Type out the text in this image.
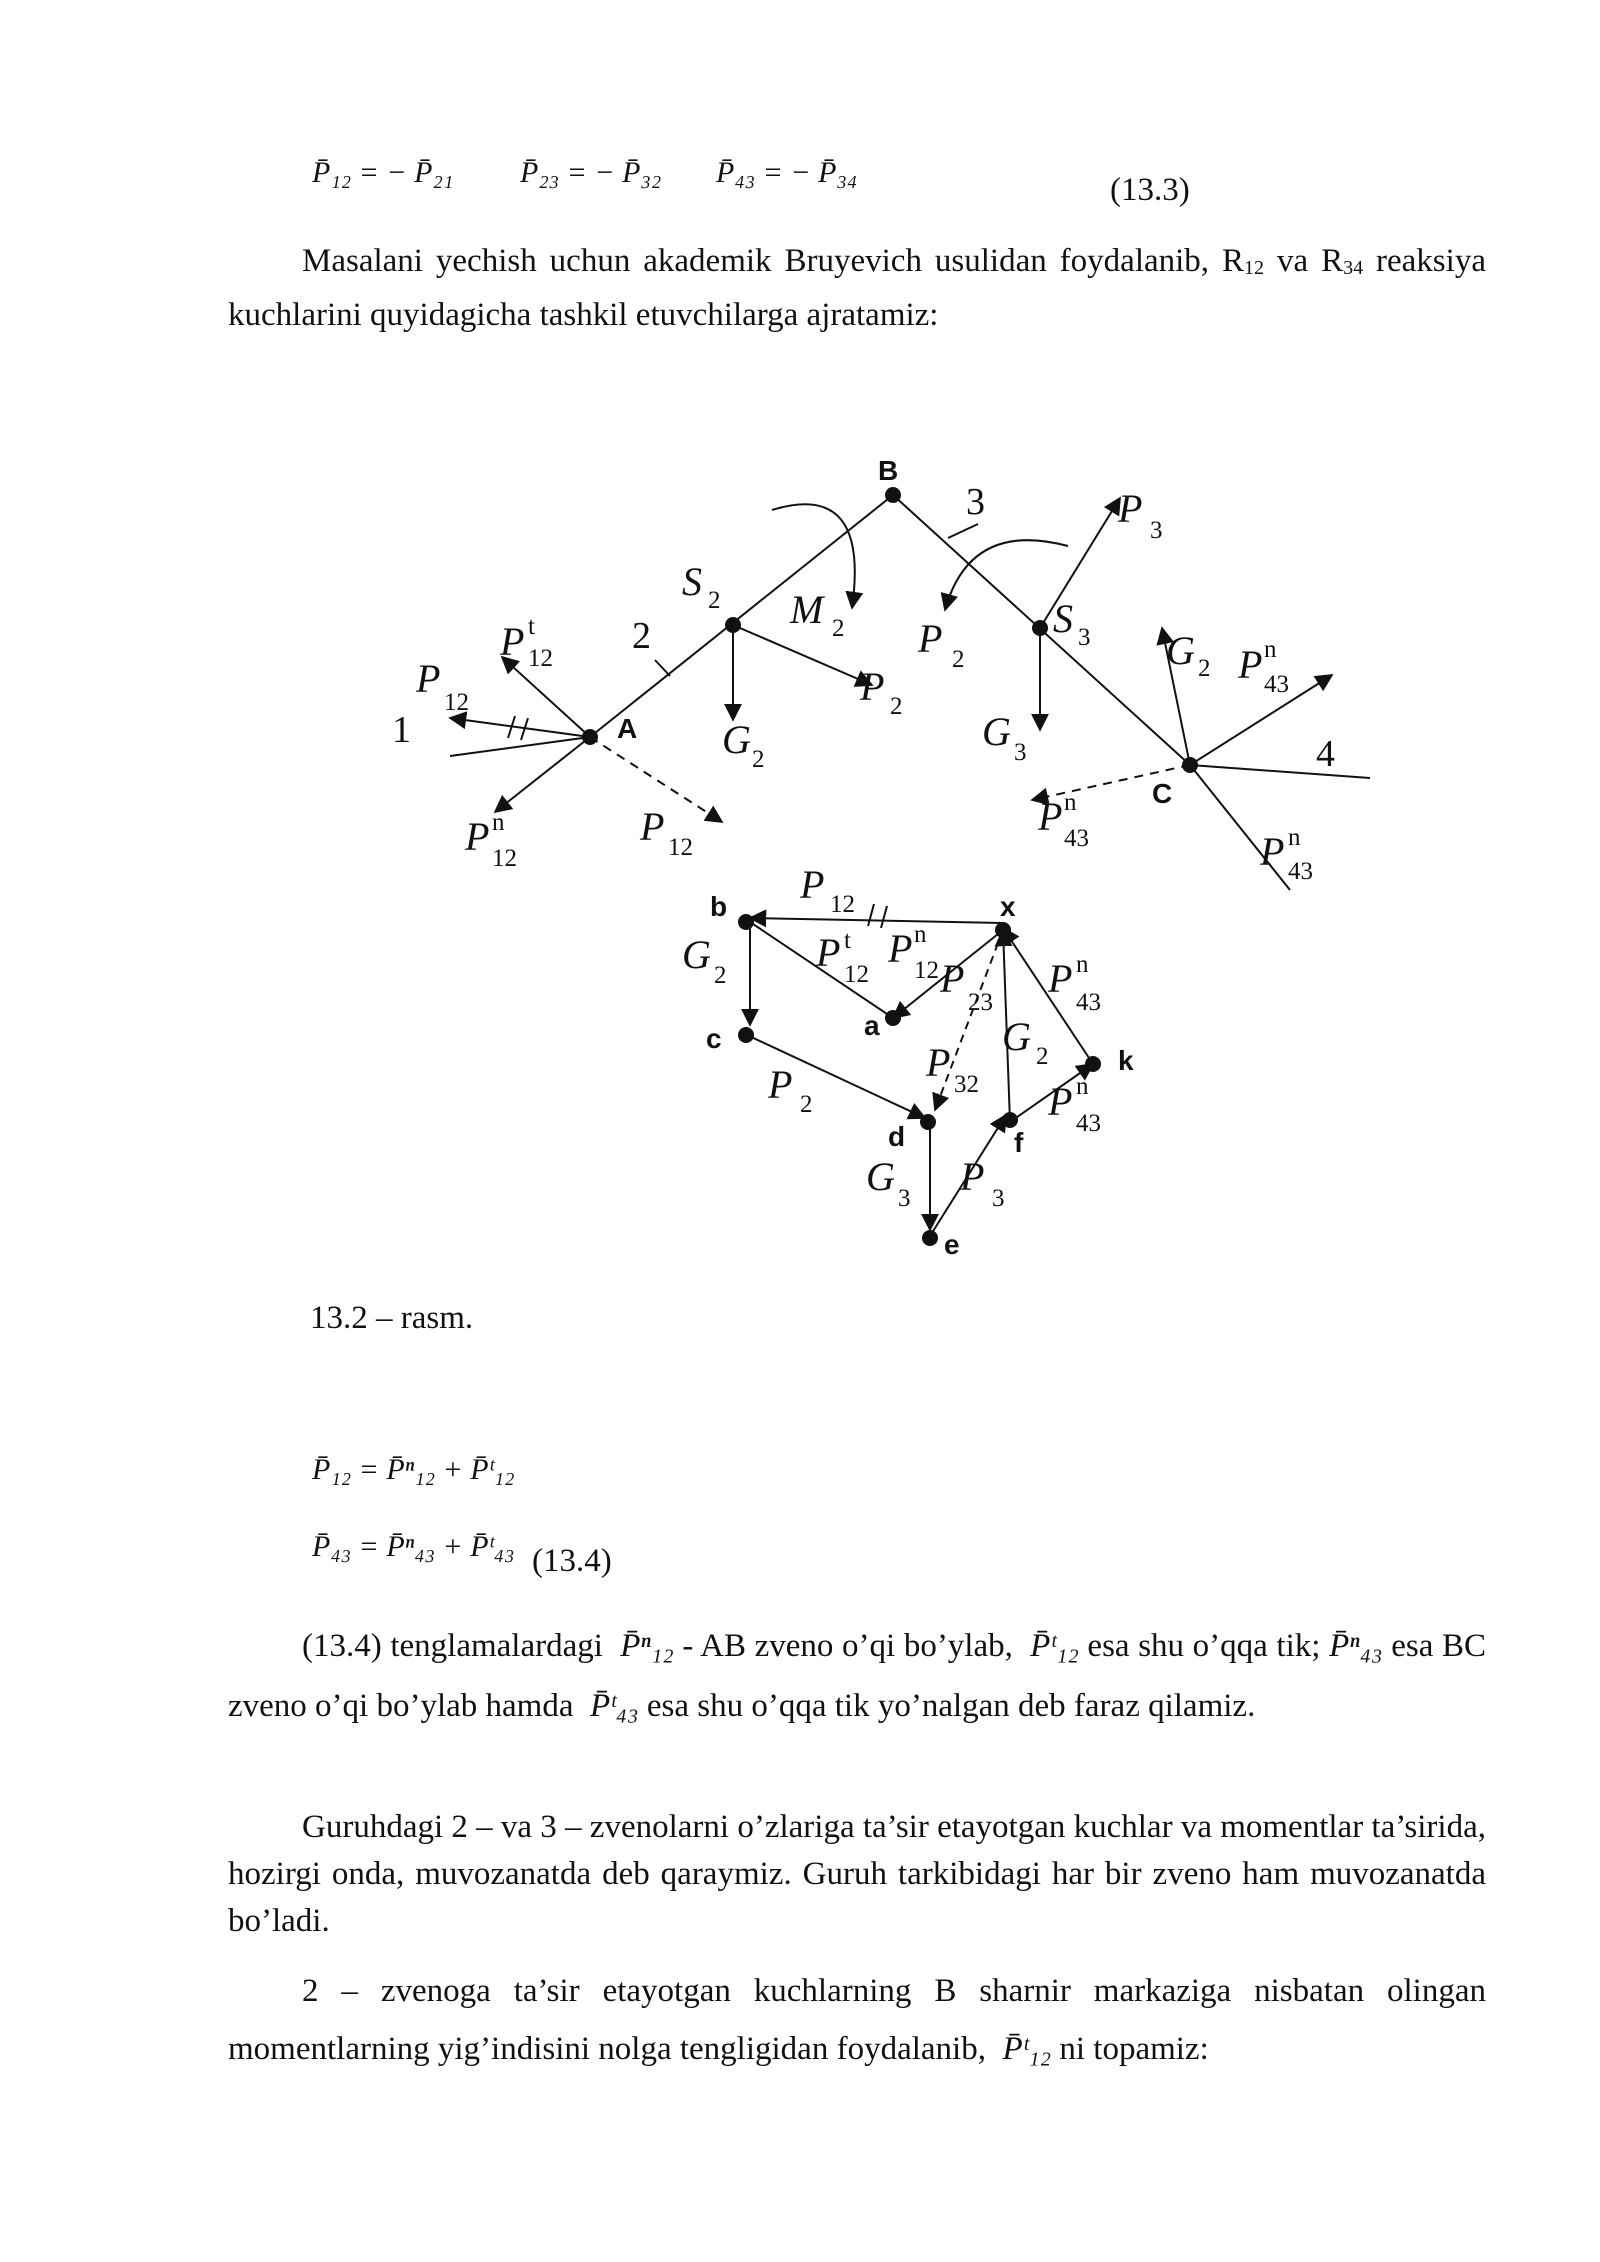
P̄₁₂ = − P̄₂₁ P̄₂₃ = − P̄₃₂ P̄₄₃ = − P̄₃₄	(13.3)
Masalani yechish uchun akademik Bruyevich usulidan foydalanib, R12 va R34 reaksiya kuchlarini quyidagicha tashkil etuvchilarga ajratamiz:
A
B
C
b	x
a
c
k
d	f
e
1
2
3
4
S 2 M 2 P 2
S 3
P 3
P t
12
P
12
G 2
P 2
G 3
G 2 P n
43
P n
12
P 12
P n
43	P n
43
P 12
G 2
P t
12
P n
12 P
23
P n
43
G 2
P 32 P n
43
P 2
G 3 P 3
13.2 – rasm.
P̄₁₂ = P̄ⁿ₁₂ + P̄ᵗ₁₂
P̄₄₃ = P̄ⁿ₄₃ + P̄ᵗ₄₃ (13.4)
(13.4) tenglamalardagi P̄ⁿ₁₂ - AB zveno o’qi bo’ylab, P̄ᵗ₁₂ esa shu o’qqa tik; P̄ⁿ₄₃ esa BC zveno o’qi bo’ylab hamda P̄ᵗ₄₃ esa shu o’qqa tik yo’nalgan deb faraz qilamiz.
Guruhdagi 2 – va 3 – zvenolarni o’zlariga ta’sir etayotgan kuchlar va momentlar ta’sirida, hozirgi onda, muvozanatda deb qaraymiz. Guruh tarkibidagi har bir zveno ham muvozanatda bo’ladi.
2 – zvenoga ta’sir etayotgan kuchlarning B sharnir markaziga nisbatan olingan momentlarning yig’indisini nolga tengligidan foydalanib, P̄ᵗ₁₂ ni topamiz:
